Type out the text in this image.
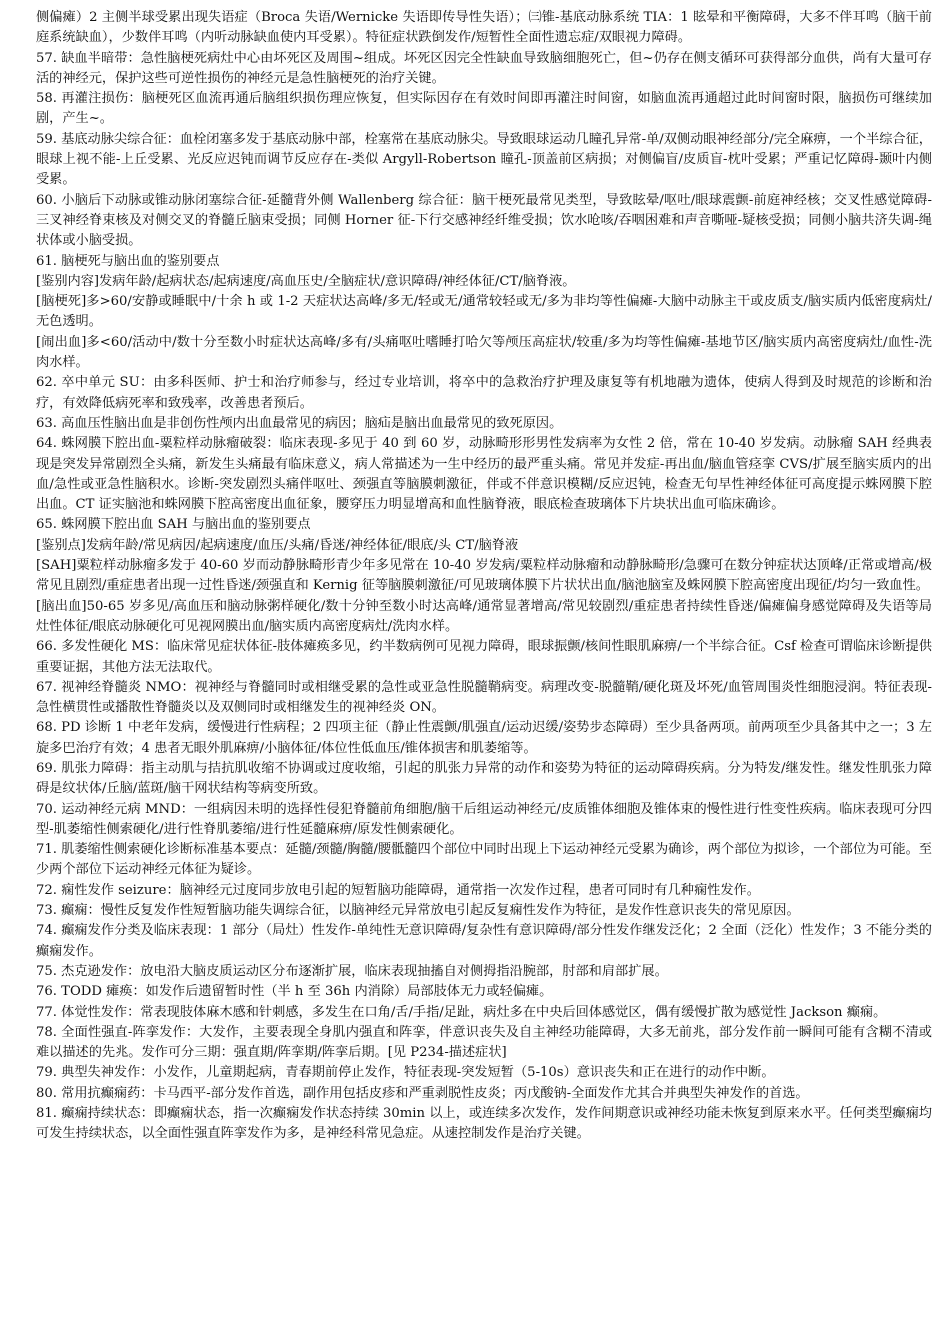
侧偏瘫）2 主侧半球受累出现失语症（Broca 失语/Wernicke 失语即传导性失语）；㈢锥-基底动脉系统 TIA：1 眩晕和平衡障碍，大多不伴耳鸣（脑干前庭系统缺血），少数伴耳鸣（内听动脉缺血使内耳受累）。特征症状跌倒发作/短暂性全面性遗忘症/双眼视力障碍。

57. 缺血半暗带：急性脑梗死病灶中心由坏死区及周围~组成。坏死区因完全性缺血导致脑细胞死亡，但~仍存在侧支循环可获得部分血供，尚有大量可存活的神经元，保护这些可逆性损伤的神经元是急性脑梗死的治疗关键。

58. 再灌注损伤：脑梗死区血流再通后脑组织损伤理应恢复，但实际因存在有效时间即再灌注时间窗，如脑血流再通超过此时间窗时限，脑损伤可继续加剧，产生~。

59. 基底动脉尖综合征：血栓闭塞多发于基底动脉中部，栓塞常在基底动脉尖。导致眼球运动几瞳孔异常-单/双侧动眼神经部分/完全麻痹，一个半综合征，眼球上视不能-上丘受累、光反应迟钝而调节反应存在-类似 Argyll-Robertson 瞳孔-顶盖前区病损；对侧偏盲/皮质盲-枕叶受累；严重记忆障碍-颞叶内侧受累。

60. 小脑后下动脉或锥动脉闭塞综合征-延髓背外侧 Wallenberg 综合征：脑干梗死最常见类型，导致眩晕/呕吐/眼球震颤-前庭神经核；交叉性感觉障碍-三叉神经脊束核及对侧交叉的脊髓丘脑束受损；同侧 Horner 征-下行交感神经纤维受损；饮水呛咳/吞咽困难和声音嘶哑-疑核受损；同侧小脑共济失调-绳状体或小脑受损。

61. 脑梗死与脑出血的鉴别要点

[鉴别内容]发病年龄/起病状态/起病速度/高血压史/全脑症状/意识障碍/神经体征/CT/脑脊液。

[脑梗死]多>60/安静或睡眠中/十余 h 或 1-2 天症状达高峰/多无/轻或无/通常较轻或无/多为非均等性偏瘫-大脑中动脉主干或皮质支/脑实质内低密度病灶/无色透明。

[闹出血]多<60/活动中/数十分至数小时症状达高峰/多有/头痛呕吐嗜睡打哈欠等颅压高症状/较重/多为均等性偏瘫-基地节区/脑实质内高密度病灶/血性-洗肉水样。

62. 卒中单元 SU：由多科医师、护士和治疗师参与，经过专业培训，将卒中的急救治疗护理及康复等有机地融为遗体，使病人得到及时规范的诊断和治疗，有效降低病死率和致残率，改善患者预后。

63. 高血压性脑出血是非创伤性颅内出血最常见的病因；脑疝是脑出血最常见的致死原因。

64. 蛛网膜下腔出血-粟粒样动脉瘤破裂：临床表现-多见于 40 到 60 岁，动脉畸形形男性发病率为女性 2 倍，常在 10-40 岁发病。动脉瘤 SAH 经典表现是突发异常剧烈全头痛，新发生头痛最有临床意义，病人常描述为一生中经历的最严重头痛。常见并发症-再出血/脑血管痉挛 CVS/扩展至脑实质内的出血/急性或亚急性脑积水。诊断-突发剧烈头痛伴呕吐、颈强直等脑膜刺激征，伴或不伴意识模糊/反应迟钝，检查无句早性神经体征可高度提示蛛网膜下腔出血。CT 证实脑池和蛛网膜下腔高密度出血征象，腰穿压力明显增高和血性脑脊液，眼底检查玻璃体下片块状出血可临床确诊。

65. 蛛网膜下腔出血 SAH 与脑出血的鉴别要点

[鉴别点]发病年龄/常见病因/起病速度/血压/头痛/昏迷/神经体征/眼底/头 CT/脑脊液

[SAH]粟粒样动脉瘤多发于 40-60 岁而动静脉畸形青少年多见常在 10-40 岁发病/粟粒样动脉瘤和动静脉畸形/急骤可在数分钟症状达顶峰/正常或增高/极常见且剧烈/重症患者出现一过性昏迷/颈强直和 Kernig 征等脑膜刺激征/可见玻璃体膜下片状状出血/脑池脑室及蛛网膜下腔高密度出现征/均匀一致血性。

[脑出血]50-65 岁多见/高血压和脑动脉粥样硬化/数十分钟至数小时达高峰/通常显著增高/常见较剧烈/重症患者持续性昏迷/偏瘫偏身感觉障碍及失语等局灶性体征/眼底动脉硬化可见视网膜出血/脑实质内高密度病灶/洗肉水样。

66. 多发性硬化 MS：临床常见症状体征-肢体瘫痪多见，约半数病例可见视力障碍，眼球振颤/核间性眼肌麻痹/一个半综合征。Csf 检查可谓临床诊断提供重要证据，其他方法无法取代。

67. 视神经脊髓炎 NMO：视神经与脊髓同时或相继受累的急性或亚急性脱髓鞘病变。病理改变-脱髓鞘/硬化斑及坏死/血管周围炎性细胞浸润。特征表现-急性横贯性或播散性脊髓炎以及双侧同时或相继发生的视神经炎 ON。

68. PD 诊断 1 中老年发病，缓慢进行性病程；2 四项主征（静止性震颤/肌强直/运动迟缓/姿势步态障碍）至少具备两项。前两项至少具备其中之一；3 左旋多巴治疗有效；4 患者无眼外肌麻痹/小脑体征/体位性低血压/锥体损害和肌萎缩等。

69. 肌张力障碍：指主动肌与拮抗肌收缩不协调或过度收缩，引起的肌张力异常的动作和姿势为特征的运动障碍疾病。分为特发/继发性。继发性肌张力障碍是纹状体/丘脑/蓝斑/脑干网状结构等病变所致。

70. 运动神经元病 MND：一组病因未明的选择性侵犯脊髓前角细胞/脑干后组运动神经元/皮质锥体细胞及锥体束的慢性进行性变性疾病。临床表现可分四型-肌萎缩性侧索硬化/进行性脊肌萎缩/进行性延髓麻痹/原发性侧索硬化。

71. 肌萎缩性侧索硬化诊断标准基本要点：延髓/颈髓/胸髓/腰骶髓四个部位中同时出现上下运动神经元受累为确诊，两个部位为拟诊，一个部位为可能。至少两个部位下运动神经元体征为疑诊。

72. 痫性发作 seizure：脑神经元过度同步放电引起的短暂脑功能障碍，通常指一次发作过程，患者可同时有几种痫性发作。

73. 癫痫：慢性反复发作性短暂脑功能失调综合征，以脑神经元异常放电引起反复痫性发作为特征，是发作性意识丧失的常见原因。

74. 癫痫发作分类及临床表现：1 部分（局灶）性发作-单纯性无意识障碍/复杂性有意识障碍/部分性发作继发泛化；2 全面（泛化）性发作；3 不能分类的癫痫发作。

75. 杰克逊发作：放电沿大脑皮质运动区分布逐渐扩展，临床表现抽搐自对侧拇指沿腕部，肘部和肩部扩展。

76. TODD 瘫痪：如发作后遗留暂时性（半 h 至 36h 内消除）局部肢体无力或轻偏瘫。

77. 体觉性发作：常表现肢体麻木感和针刺感，多发生在口角/舌/手指/足趾，病灶多在中央后回体感觉区，偶有缓慢扩散为感觉性 Jackson 癫痫。

78. 全面性强直-阵挛发作：大发作，主要表现全身肌内强直和阵挛，伴意识丧失及自主神经功能障碍，大多无前兆，部分发作前一瞬间可能有含糊不清或难以描述的先兆。发作可分三期：强直期/阵挛期/阵挛后期。[见 P234-描述症状]

79. 典型失神发作：小发作，儿童期起病，青春期前停止发作，特征表现-突发短暂（5-10s）意识丧失和正在进行的动作中断。

80. 常用抗癫痫药：卡马西平-部分发作首选，副作用包括皮疹和严重剥脱性皮炎；丙戊酸钠-全面发作尤其合并典型失神发作的首选。

81. 癫痫持续状态：即癫痫状态，指一次癫痫发作状态持续 30min 以上，或连续多次发作，发作间期意识或神经功能未恢复到原来水平。任何类型癫痫均可发生持续状态，以全面性强直阵挛发作为多，是神经科常见急症。从速控制发作是治疗关键。
